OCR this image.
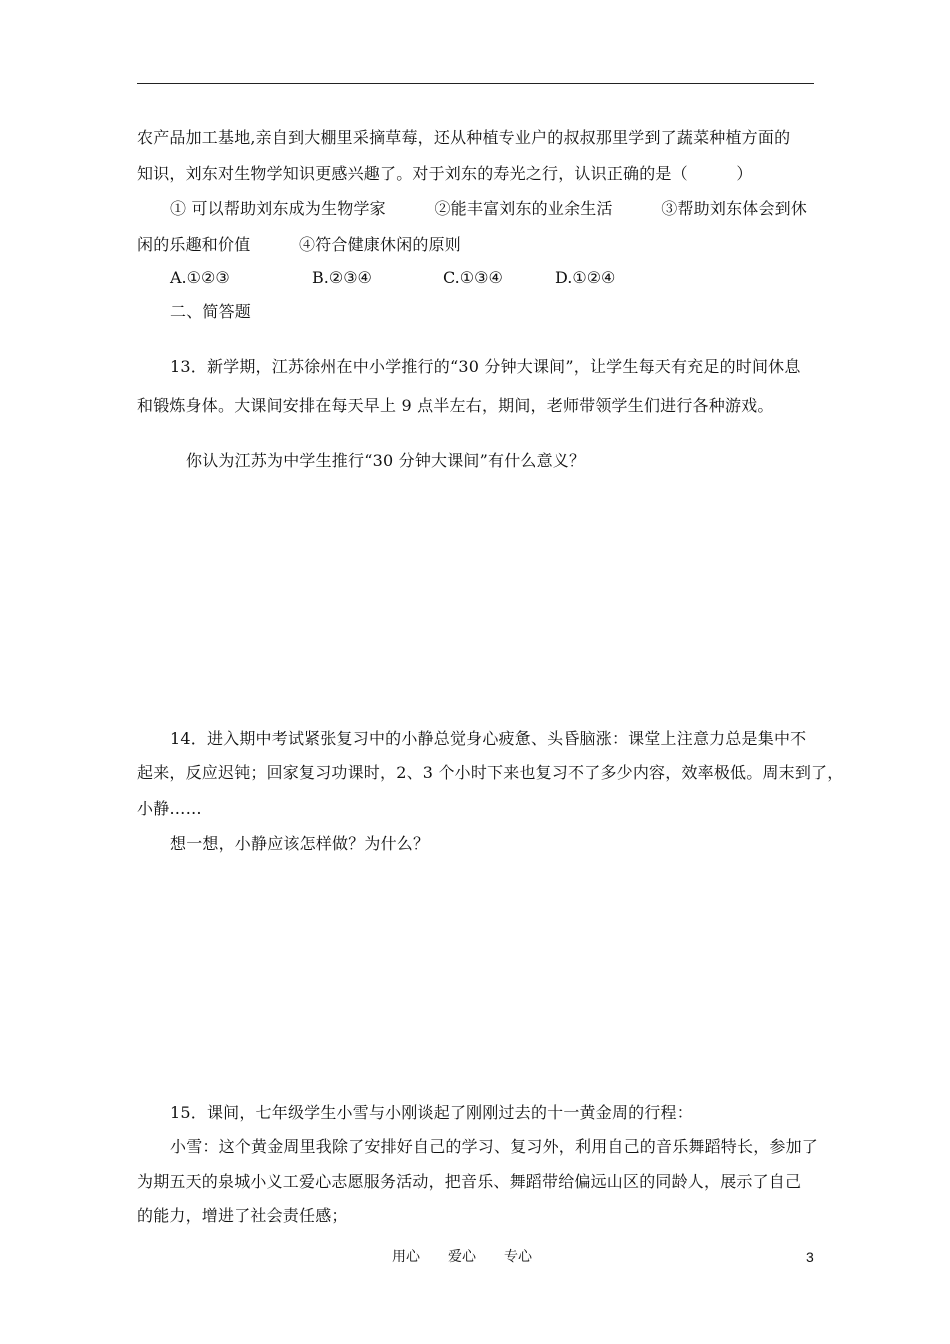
农产品加工基地,亲自到大棚里采摘草莓，还从种植专业户的叔叔那里学到了蔬菜种植方面的
知识，刘东对生物学知识更感兴趣了。对于刘东的寿光之行，认识正确的是（　　　）
① 可以帮助刘东成为生物学家　　　②能丰富刘东的业余生活　　　③帮助刘东体会到休
闲的乐趣和价值　　　④符合健康休闲的原则
A.①②③	B.②③④	C.①③④	D.①②④
二、简答题
13．新学期，江苏徐州在中小学推行的“30 分钟大课间”，让学生每天有充足的时间休息
和锻炼身体。大课间安排在每天早上 9 点半左右，期间，老师带领学生们进行各种游戏。
你认为江苏为中学生推行“30 分钟大课间”有什么意义？
14．进入期中考试紧张复习中的小静总觉身心疲惫、头昏脑涨：课堂上注意力总是集中不
起来，反应迟钝；回家复习功课时，2、3 个小时下来也复习不了多少内容，效率极低。周末到了，
小静……
想一想，小静应该怎样做？为什么？
15．课间，七年级学生小雪与小刚谈起了刚刚过去的十一黄金周的行程：
小雪：这个黄金周里我除了安排好自己的学习、复习外，利用自己的音乐舞蹈特长，参加了
为期五天的泉城小义工爱心志愿服务活动，把音乐、舞蹈带给偏远山区的同龄人，展示了自己
的能力，增进了社会责任感；
用心　　爱心　　专心	3
